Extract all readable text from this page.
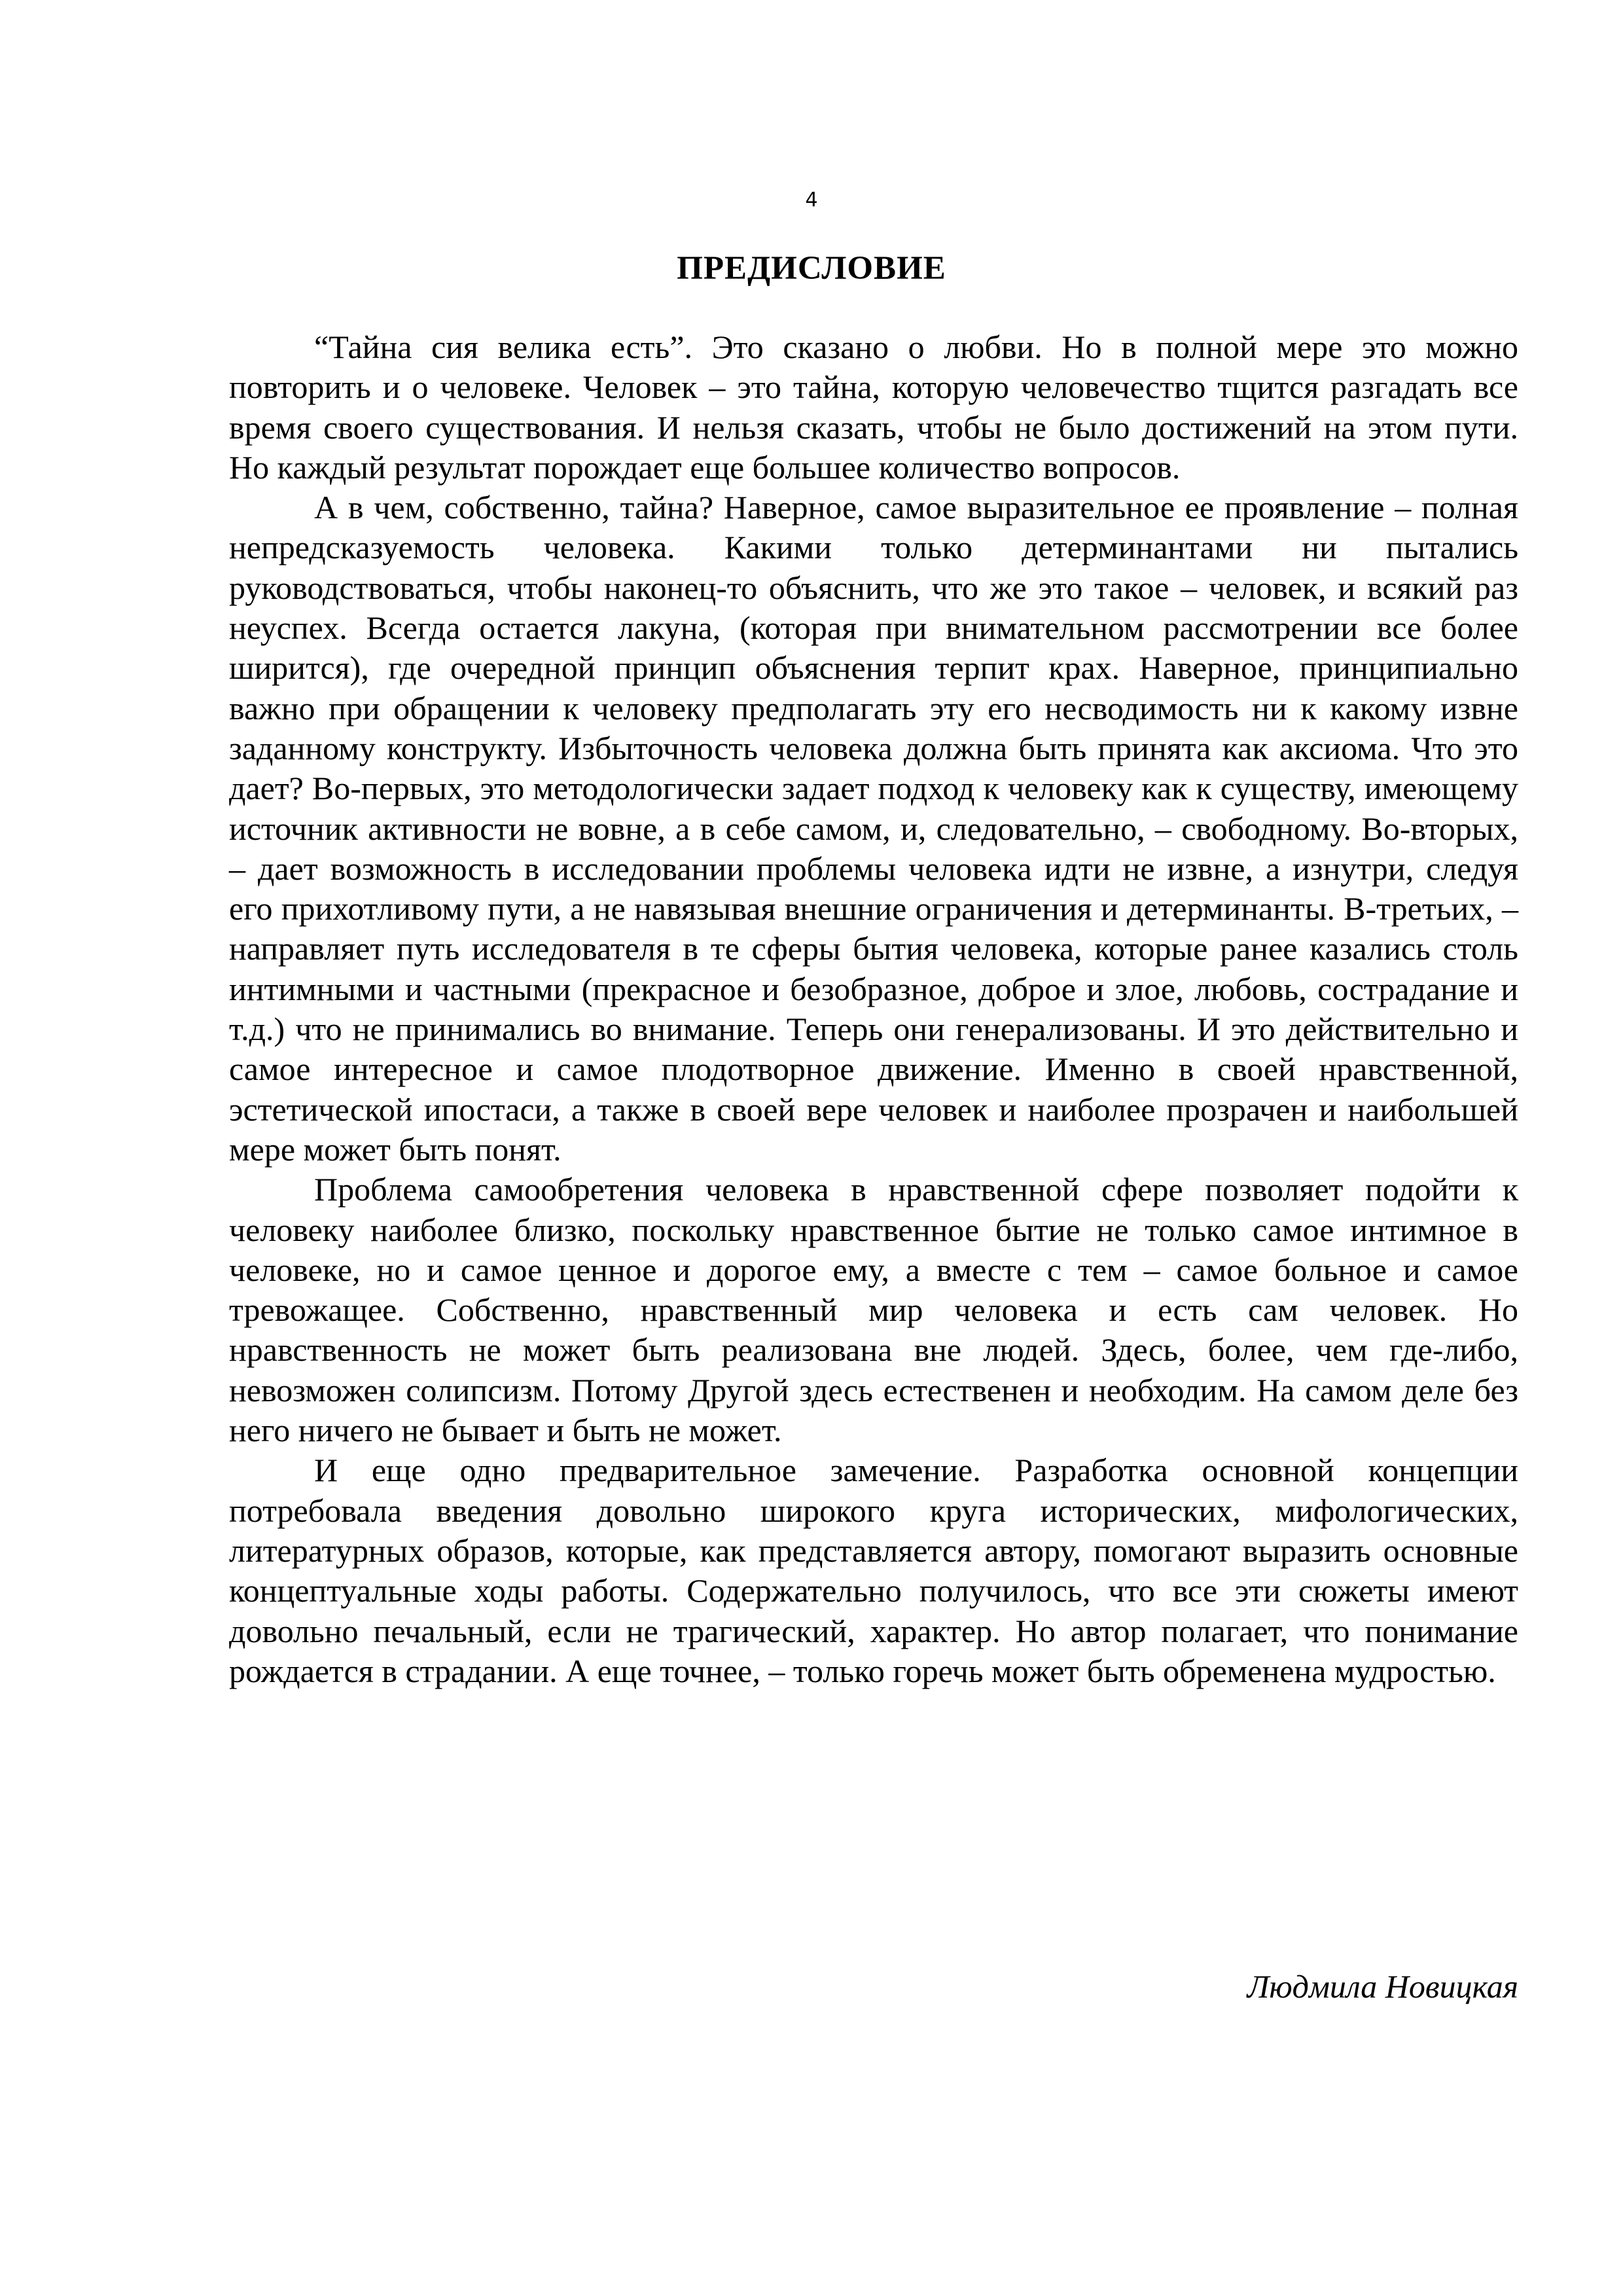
4
ПРЕДИСЛОВИЕ

“Тайна сия велика есть”. Это сказано о любви. Но в полной мере это можно повторить и о человеке. Человек – это тайна, которую человечество тщится разгадать все время своего существования. И нельзя сказать, чтобы не было достижений на этом пути. Но каждый результат порождает еще большее количество вопросов.

А в чем, собственно, тайна? Наверное, самое выразительное ее проявление – полная непредсказуемость человека. Какими только детерминантами ни пытались руководствоваться, чтобы наконец-то объяснить, что же это такое – человек, и всякий раз неуспех. Всегда остается лакуна, (которая при внимательном рассмотрении все более ширится), где очередной принцип объяснения терпит крах. Наверное, принципиально важно при обращении к человеку предполагать эту его несводимость ни к какому извне заданному конструкту. Избыточность человека должна быть принята как аксиома. Что это дает? Во-первых, это методологически задает подход к человеку как к существу, имеющему источник активности не вовне, а в себе самом, и, следовательно, – свободному. Во-вторых, – дает возможность в исследовании проблемы человека идти не извне, а изнутри, следуя его прихотливому пути, а не навязывая внешние ограничения и детерминанты. В-третьих, – направляет путь исследователя в те сферы бытия человека, которые ранее казались столь интимными и частными (прекрасное и безобразное, доброе и злое, любовь, сострадание и т.д.) что не принимались во внимание. Теперь они генерализованы. И это действительно и самое интересное и самое плодотворное движение. Именно в своей нравственной, эстетической ипостаси, а также в своей вере человек и наиболее прозрачен и наибольшей мере может быть понят.

Проблема самообретения человека в нравственной сфере позволяет подойти к человеку наиболее близко, поскольку нравственное бытие не только самое интимное в человеке, но и самое ценное и дорогое ему, а вместе с тем – самое больное и самое тревожащее. Собственно, нравственный мир человека и есть сам человек. Но нравственность не может быть реализована вне людей. Здесь, более, чем где-либо, невозможен солипсизм. Потому Другой здесь естественен и необходим. На самом деле без него ничего не бывает и быть не может.

И еще одно предварительное замечение. Разработка основной концепции потребовала введения довольно широкого круга исторических, мифологических, литературных образов, которые, как представляется автору, помогают выразить основные концептуальные ходы работы. Содержательно получилось, что все эти сюжеты имеют довольно печальный, если не трагический, характер. Но автор полагает, что понимание рождается в страдании. А еще точнее, – только горечь может быть обременена мудростью.

Людмила Новицкая
